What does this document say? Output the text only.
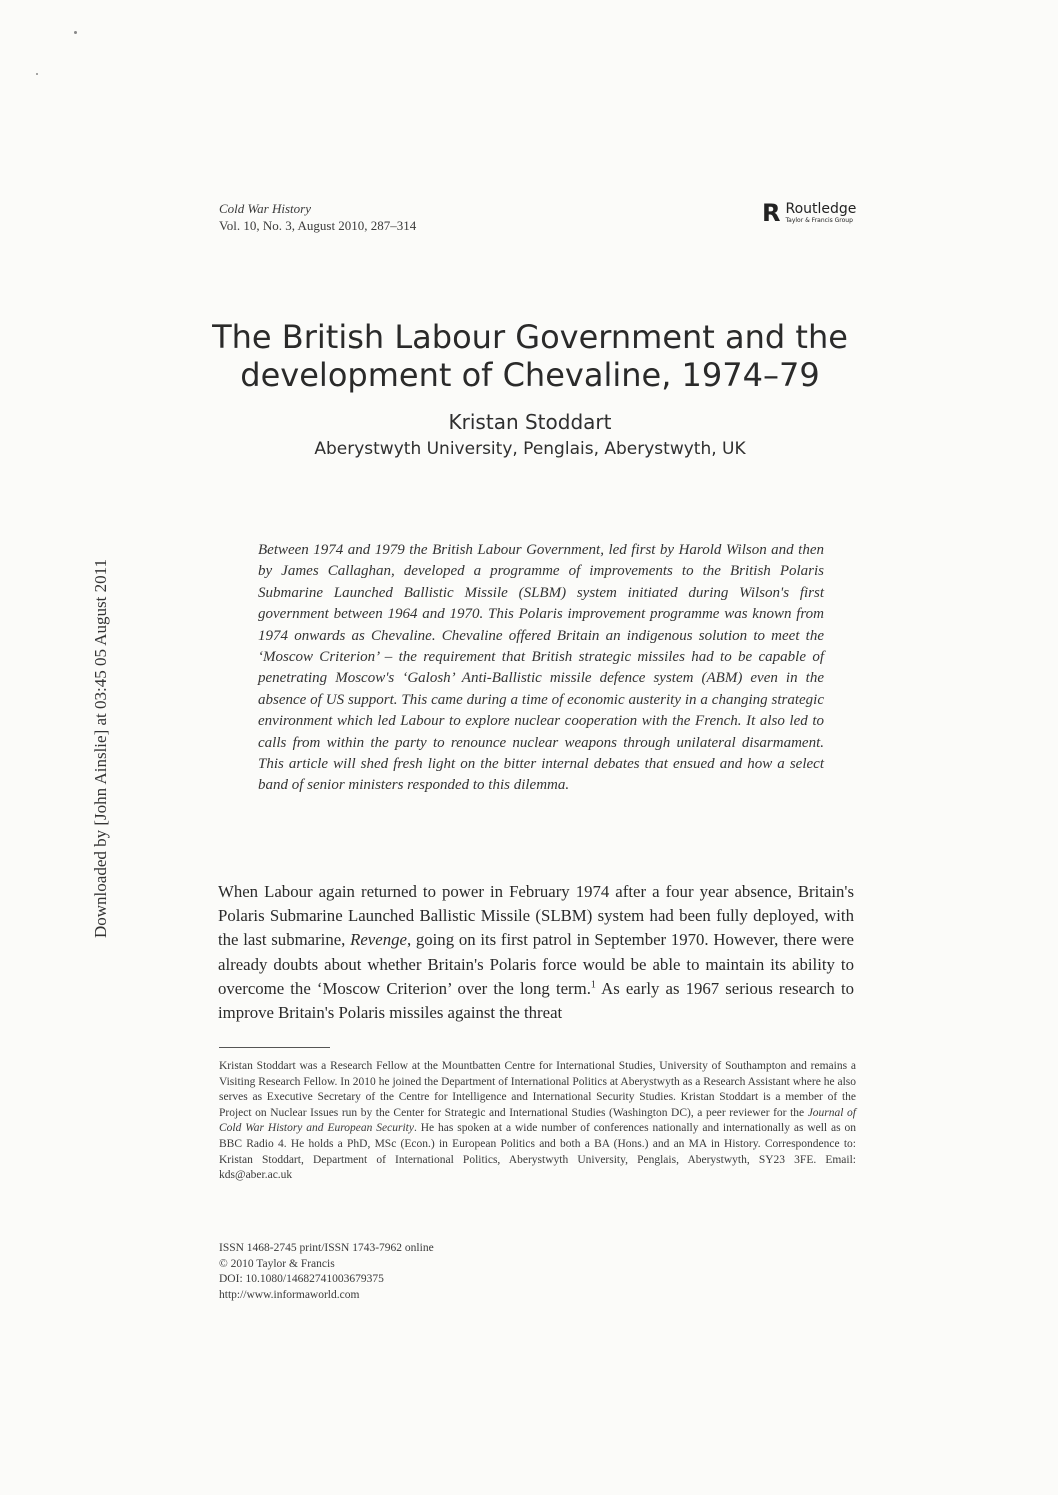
Cold War History
Vol. 10, No. 3, August 2010, 287–314	R Routledge
Taylor & Francis Group
The British Labour Government and the
development of Chevaline, 1974–79
Kristan Stoddart
Aberystwyth University, Penglais, Aberystwyth, UK
Between 1974 and 1979 the British Labour Government, led first by Harold Wilson and then by James Callaghan, developed a programme of improvements to the British Polaris Submarine Launched Ballistic Missile (SLBM) system initiated during Wilson's first government between 1964 and 1970. This Polaris improvement programme was known from 1974 onwards as Chevaline. Chevaline offered Britain an indigenous solution to meet the ‘Moscow Criterion’ – the requirement that British strategic missiles had to be capable of penetrating Moscow's ‘Galosh’ Anti-Ballistic missile defence system (ABM) even in the absence of US support. This came during a time of economic austerity in a changing strategic environment which led Labour to explore nuclear cooperation with the French. It also led to calls from within the party to renounce nuclear weapons through unilateral disarmament. This article will shed fresh light on the bitter internal debates that ensued and how a select band of senior ministers responded to this dilemma.
When Labour again returned to power in February 1974 after a four year absence, Britain's Polaris Submarine Launched Ballistic Missile (SLBM) system had been fully deployed, with the last submarine, Revenge, going on its first patrol in September 1970. However, there were already doubts about whether Britain's Polaris force would be able to maintain its ability to overcome the ‘Moscow Criterion’ over the long term.$^1$ As early as 1967 serious research to improve Britain's Polaris missiles against the threat
Kristan Stoddart was a Research Fellow at the Mountbatten Centre for International Studies, University of Southampton and remains a Visiting Research Fellow. In 2010 he joined the Department of International Politics at Aberystwyth as a Research Assistant where he also serves as Executive Secretary of the Centre for Intelligence and International Security Studies. Kristan Stoddart is a member of the Project on Nuclear Issues run by the Center for Strategic and International Studies (Washington DC), a peer reviewer for the Journal of Cold War History and European Security. He has spoken at a wide number of conferences nationally and internationally as well as on BBC Radio 4. He holds a PhD, MSc (Econ.) in European Politics and both a BA (Hons.) and an MA in History. Correspondence to: Kristan Stoddart, Department of International Politics, Aberystwyth University, Penglais, Aberystwyth, SY23 3FE. Email: kds@aber.ac.uk
ISSN 1468-2745 print/ISSN 1743-7962 online
© 2010 Taylor & Francis
DOI: 10.1080/14682741003679375
http://www.informaworld.com
Downloaded by [John Ainslie] at 03:45 05 August 2011
